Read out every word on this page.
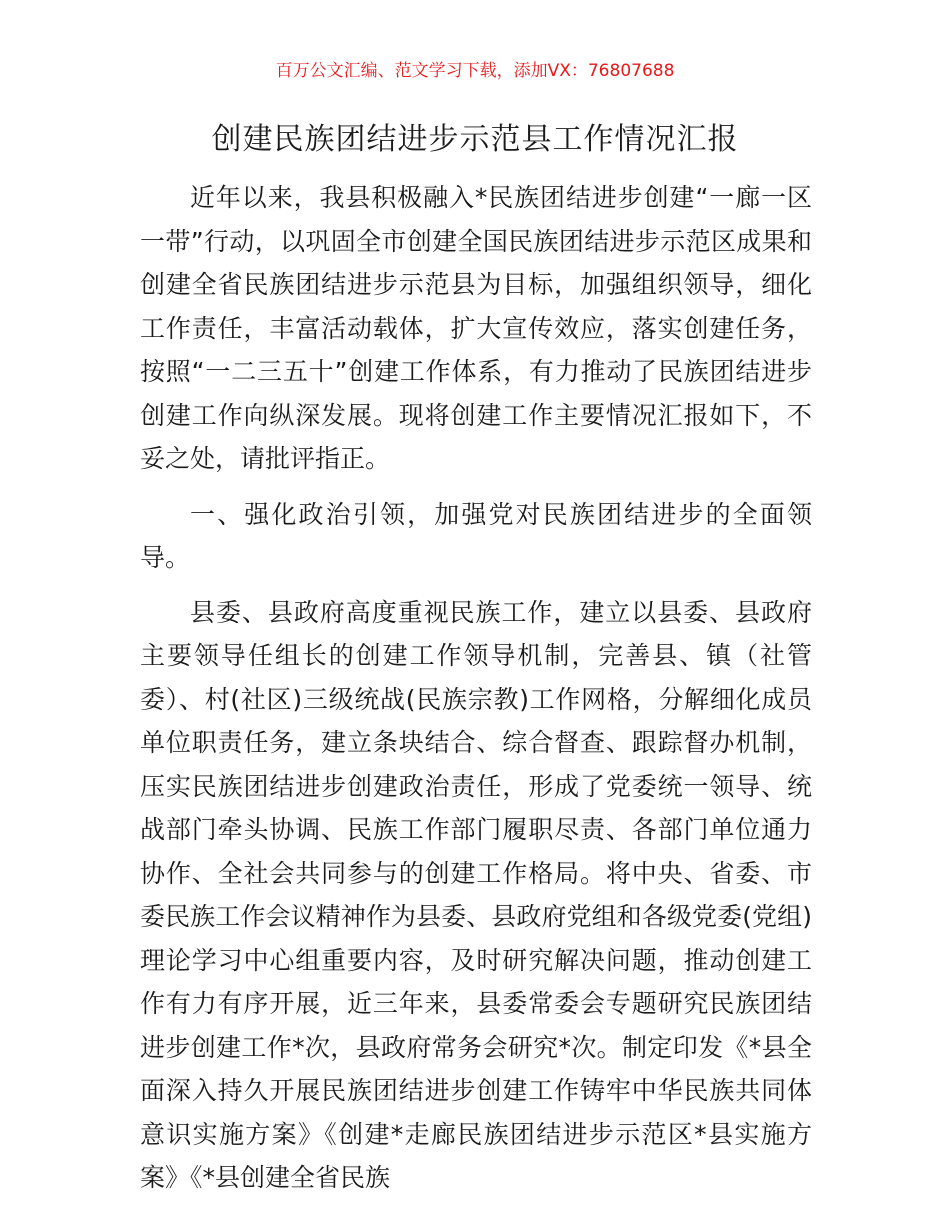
百万公文汇编、范文学习下载，添加VX：76807688
创建民族团结进步示范县工作情况汇报

近年以来，我县积极融入*民族团结进步创建“一廊一区一带”行动，以巩固全市创建全国民族团结进步示范区成果和创建全省民族团结进步示范县为目标，加强组织领导，细化工作责任，丰富活动载体，扩大宣传效应，落实创建任务，按照“一二三五十”创建工作体系，有力推动了民族团结进步创建工作向纵深发展。现将创建工作主要情况汇报如下，不妥之处，请批评指正。

一、强化政治引领，加强党对民族团结进步的全面领导。

县委、县政府高度重视民族工作，建立以县委、县政府主要领导任组长的创建工作领导机制，完善县、镇（社管委）、村(社区)三级统战(民族宗教)工作网格，分解细化成员单位职责任务，建立条块结合、综合督查、跟踪督办机制，压实民族团结进步创建政治责任，形成了党委统一领导、统战部门牵头协调、民族工作部门履职尽责、各部门单位通力协作、全社会共同参与的创建工作格局。将中央、省委、市委民族工作会议精神作为县委、县政府党组和各级党委(党组)理论学习中心组重要内容，及时研究解决问题，推动创建工作有力有序开展，近三年来，县委常委会专题研究民族团结进步创建工作*次，县政府常务会研究*次。制定印发《*县全面深入持久开展民族团结进步创建工作铸牢中华民族共同体意识实施方案》《创建*走廊民族团结进步示范区*县实施方案》《*县创建全省民族
